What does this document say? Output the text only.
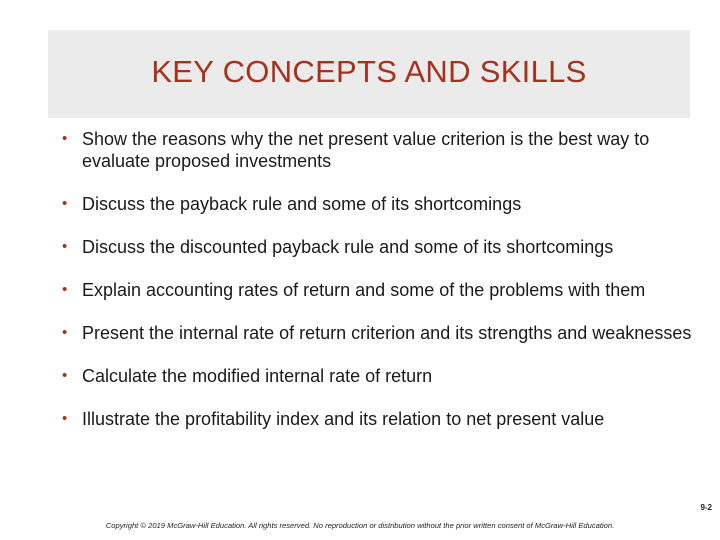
KEY CONCEPTS AND SKILLS
• Show the reasons why the net present value criterion is the best way to evaluate proposed investments
• Discuss the payback rule and some of its shortcomings
• Discuss the discounted payback rule and some of its shortcomings
• Explain accounting rates of return and some of the problems with them
• Present the internal rate of return criterion and its strengths and weaknesses
• Calculate the modified internal rate of return
• Illustrate the profitability index and its relation to net present value
9-2
Copyright © 2019 McGraw-Hill Education. All rights reserved. No reproduction or distribution without the prior written consent of McGraw-Hill Education.
